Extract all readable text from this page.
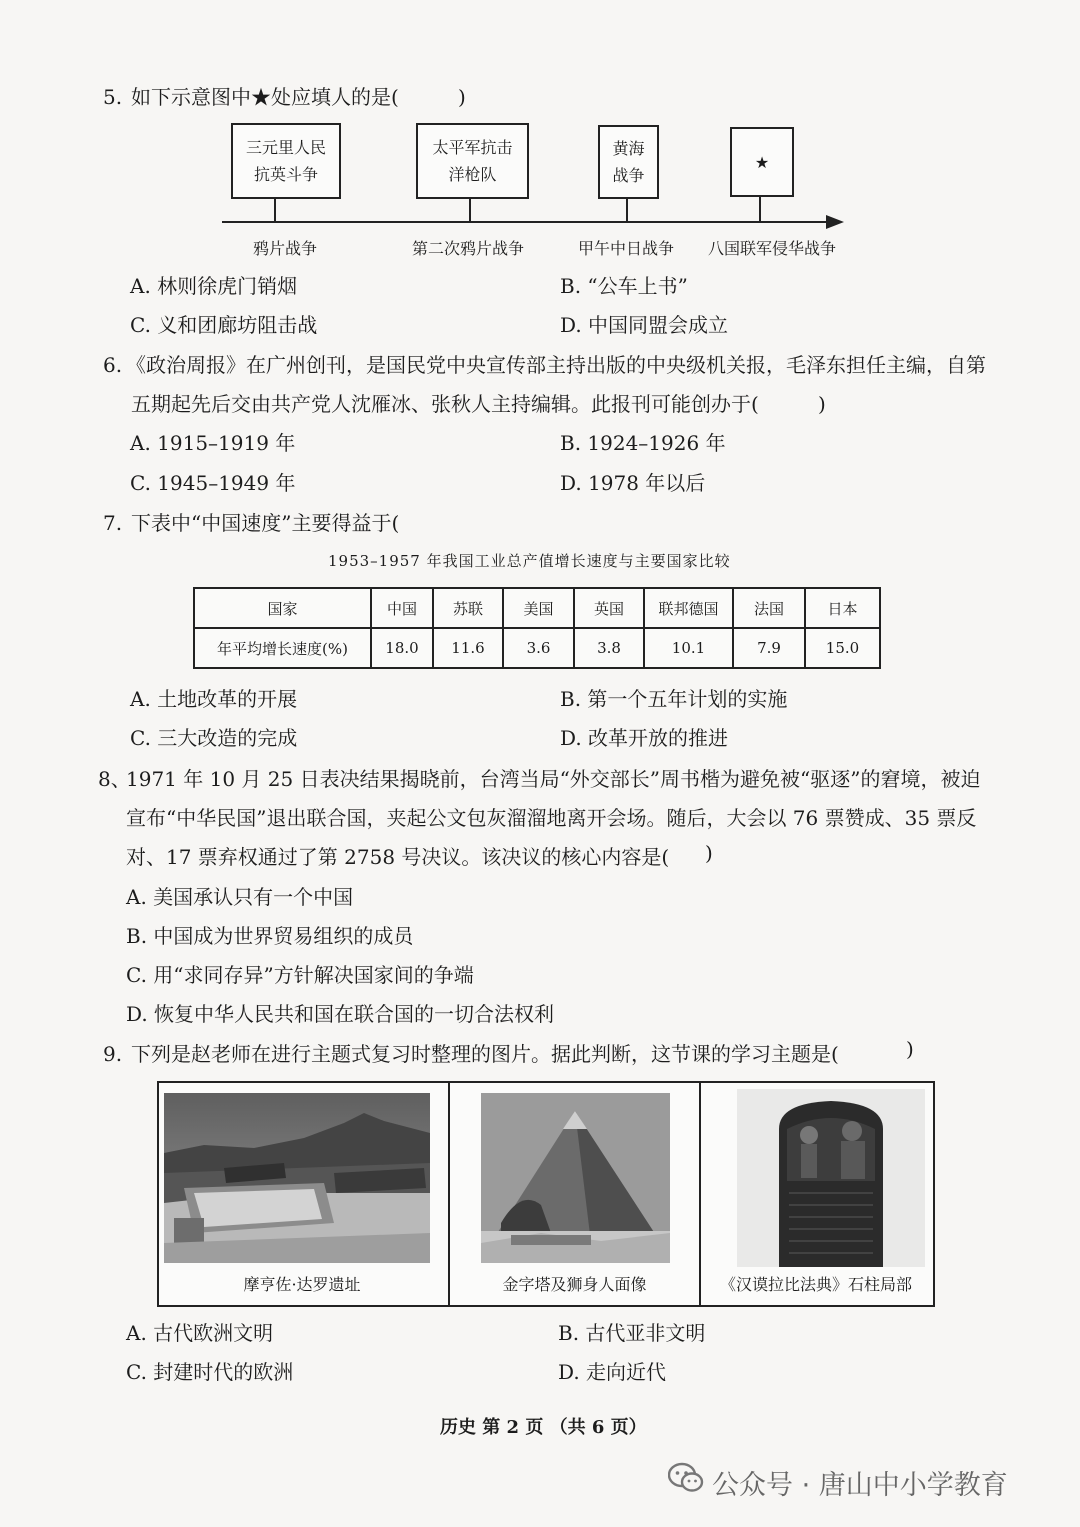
5. 如下示意图中★处应填人的是(	)
三元里人民
抗英斗争
太平军抗击
洋枪队
黄海
战争
★
鸦片战争	第二次鸦片战争	甲午中日战争 八国联军侵华战争
A. 林则徐虎门销烟	B. “公车上书”
C. 义和团廊坊阻击战	D. 中国同盟会成立
6. 《政治周报》在广州创刊，是国民党中央宣传部主持出版的中央级机关报，毛泽东担任主编，自第
五期起先后交由共产党人沈雁冰、张秋人主持编辑。此报刊可能创办于(	)
A. 1915–1919 年	B. 1924–1926 年
C. 1945–1949 年	D. 1978 年以后
7. 下表中“中国速度”主要得益于(
1953–1957 年我国工业总产值增长速度与主要国家比较
国家	中国	苏联	美国	英国	联邦德国	法国	日本
年平均增长速度(%)	18.0	11.6	3.6	3.8	10.1	7.9	15.0
A. 土地改革的开展	B. 第一个五年计划的实施
C. 三大改造的完成	D. 改革开放的推进
8、
1971 年 10 月 25 日表决结果揭晓前，台湾当局“外交部长”周书楷为避免被“驱逐”的窘境，被迫
宣布“中华民国”退出联合国，夹起公文包灰溜溜地离开会场。随后，大会以 76 票赞成、35 票反
对、17 票弃权通过了第 2758 号决议。该决议的核心内容是( )
A. 美国承认只有一个中国
B. 中国成为世界贸易组织的成员
C. 用“求同存异”方针解决国家间的争端
D. 恢复中华人民共和国在联合国的一切合法权利
9. 下列是赵老师在进行主题式复习时整理的图片。据此判断，这节课的学习主题是(	)
摩亨佐·达罗遗址	金字塔及狮身人面像	《汉谟拉比法典》石柱局部
A. 古代欧洲文明	B. 古代亚非文明
C. 封建时代的欧洲	D. 走向近代
历史 第 2 页 （共 6 页）
公众号 · 唐山中小学教育
